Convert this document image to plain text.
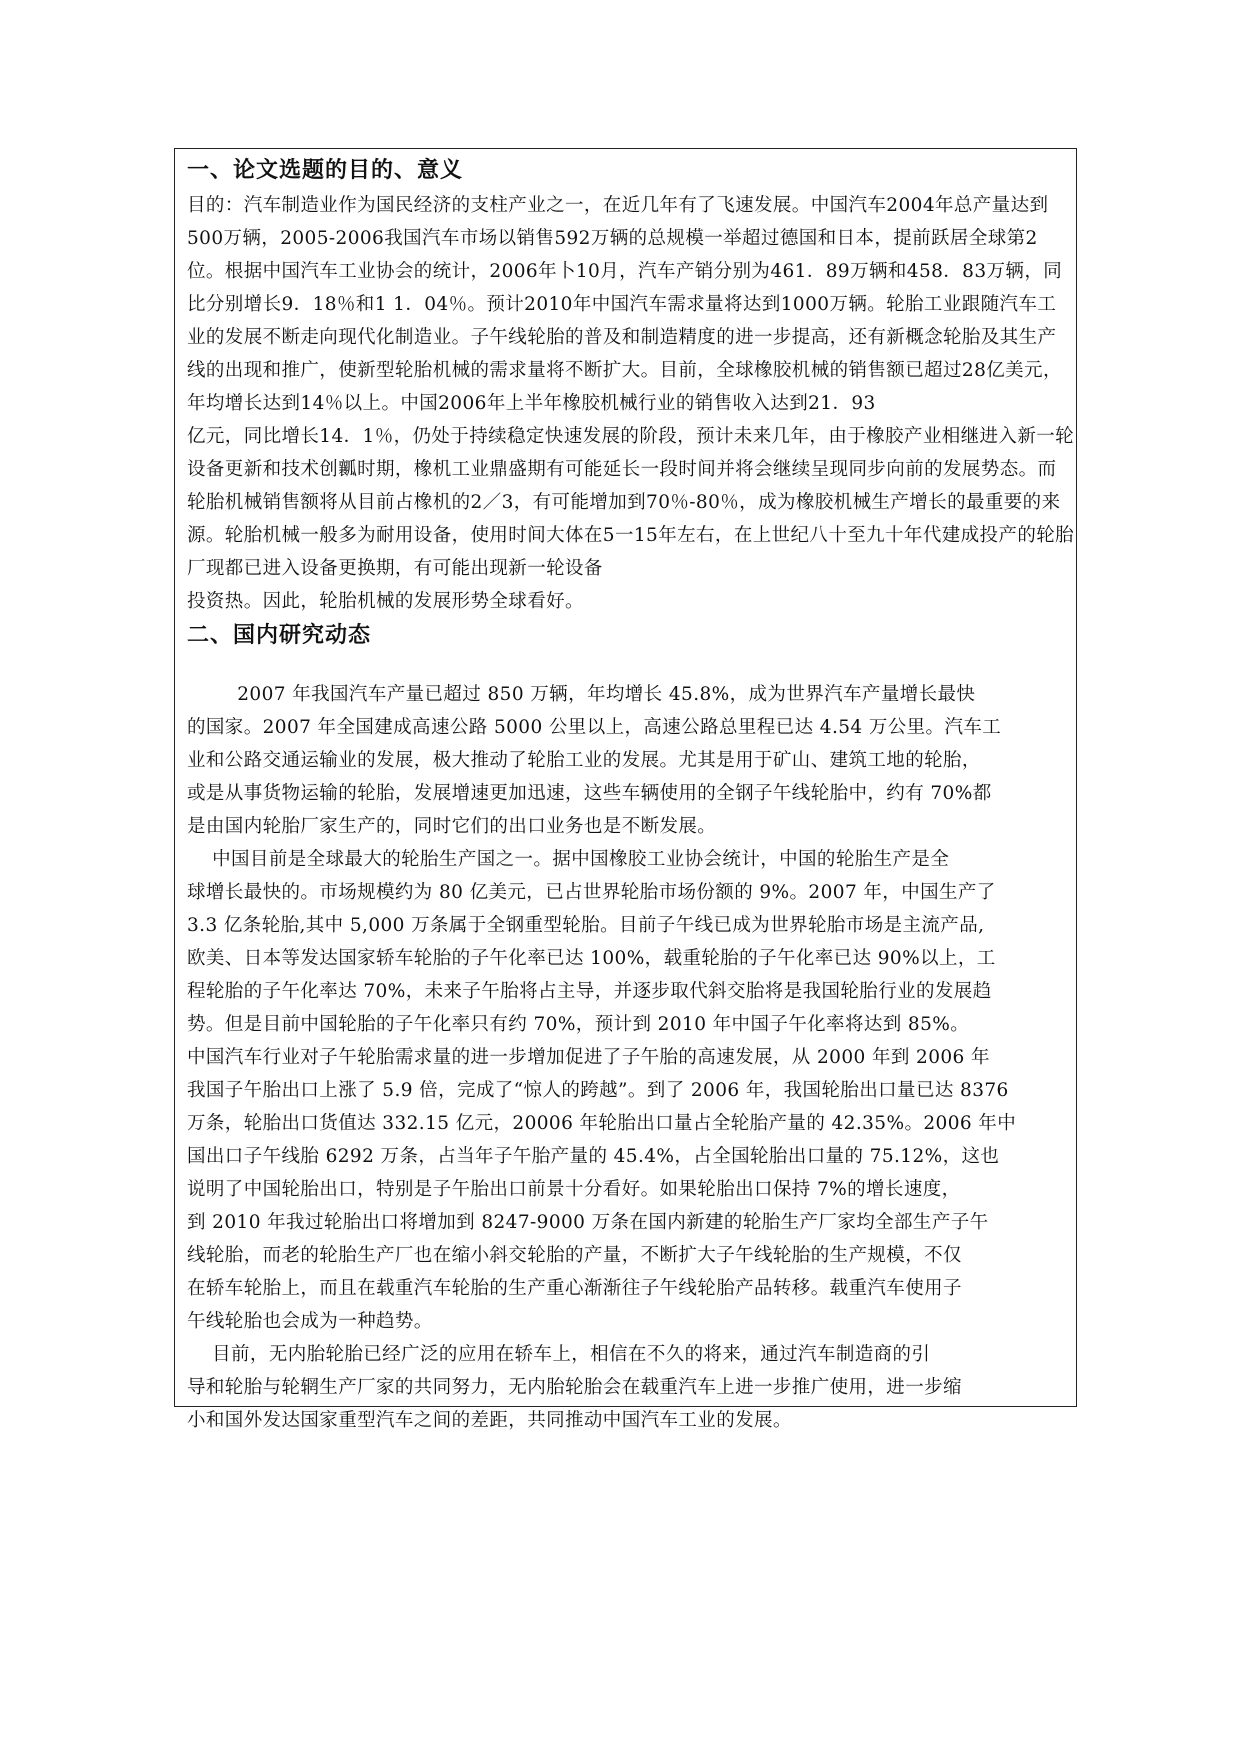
一、论文选题的目的、意义

目的：汽车制造业作为国民经济的支柱产业之一，在近几年有了飞速发展。中国汽车2004年总产量达到500万辆，2005-2006我国汽车市场以销售592万辆的总规模一举超过德国和日本，提前跃居全球第2位。根据中国汽车工业协会的统计，2006年卜10月，汽车产销分别为461．89万辆和458．83万辆，同比分别增长9．18％和1 1．04％。预计2010年中国汽车需求量将达到1000万辆。轮胎工业跟随汽车工业的发展不断走向现代化制造业。子午线轮胎的普及和制造精度的进一步提高，还有新概念轮胎及其生产线的出现和推广，使新型轮胎机械的需求量将不断扩大。目前，全球橡胶机械的销售额已超过28亿美元，年均增长达到14％以上。中国2006年上半年橡胶机械行业的销售收入达到21．93

亿元，同比增长14．1％，仍处于持续稳定快速发展的阶段，预计未来几年，由于橡胶产业相继进入新一轮设备更新和技术创瓤时期，橡机工业鼎盛期有可能延长一段时间并将会继续呈现同步向前的发展势态。而轮胎机械销售额将从目前占橡机的2／3，有可能增加到70％-80％，成为橡胶机械生产增长的最重要的来源。轮胎机械一般多为耐用设备，使用时间大体在5一15年左右，在上世纪八十至九十年代建成投产的轮胎厂现都已进入设备更换期，有可能出现新一轮设备

投资热。因此，轮胎机械的发展形势全球看好。

二、国内研究动态
2007 年我国汽车产量已超过 850 万辆，年均增长 45.8%，成为世界汽车产量增长最快
的国家。2007 年全国建成高速公路 5000 公里以上，高速公路总里程已达 4.54 万公里。汽车工
业和公路交通运输业的发展，极大推动了轮胎工业的发展。尤其是用于矿山、建筑工地的轮胎，
或是从事货物运输的轮胎，发展增速更加迅速，这些车辆使用的全钢子午线轮胎中，约有 70%都
是由国内轮胎厂家生产的，同时它们的出口业务也是不断发展。
中国目前是全球最大的轮胎生产国之一。据中国橡胶工业协会统计，中国的轮胎生产是全
球增长最快的。市场规模约为 80 亿美元，已占世界轮胎市场份额的 9%。2007 年，中国生产了
3.3 亿条轮胎,其中 5,000 万条属于全钢重型轮胎。目前子午线已成为世界轮胎市场是主流产品,
欧美、日本等发达国家轿车轮胎的子午化率已达 100%，载重轮胎的子午化率已达 90%以上，工
程轮胎的子午化率达 70%，未来子午胎将占主导，并逐步取代斜交胎将是我国轮胎行业的发展趋
势。但是目前中国轮胎的子午化率只有约 70%，预计到 2010 年中国子午化率将达到 85%。
中国汽车行业对子午轮胎需求量的进一步增加促进了子午胎的高速发展，从 2000 年到 2006 年
我国子午胎出口上涨了 5.9 倍，完成了“惊人的跨越”。到了 2006 年，我国轮胎出口量已达 8376
万条，轮胎出口货值达 332.15 亿元，20006 年轮胎出口量占全轮胎产量的 42.35%。2006 年中
国出口子午线胎 6292 万条，占当年子午胎产量的 45.4%，占全国轮胎出口量的 75.12%，这也
说明了中国轮胎出口，特别是子午胎出口前景十分看好。如果轮胎出口保持 7%的增长速度，
到 2010 年我过轮胎出口将增加到 8247-9000 万条在国内新建的轮胎生产厂家均全部生产子午
线轮胎，而老的轮胎生产厂也在缩小斜交轮胎的产量，不断扩大子午线轮胎的生产规模，不仅
在轿车轮胎上，而且在载重汽车轮胎的生产重心渐渐往子午线轮胎产品转移。载重汽车使用子
午线轮胎也会成为一种趋势。
目前，无内胎轮胎已经广泛的应用在轿车上，相信在不久的将来，通过汽车制造商的引
导和轮胎与轮辋生产厂家的共同努力，无内胎轮胎会在载重汽车上进一步推广使用，进一步缩
小和国外发达国家重型汽车之间的差距，共同推动中国汽车工业的发展。
